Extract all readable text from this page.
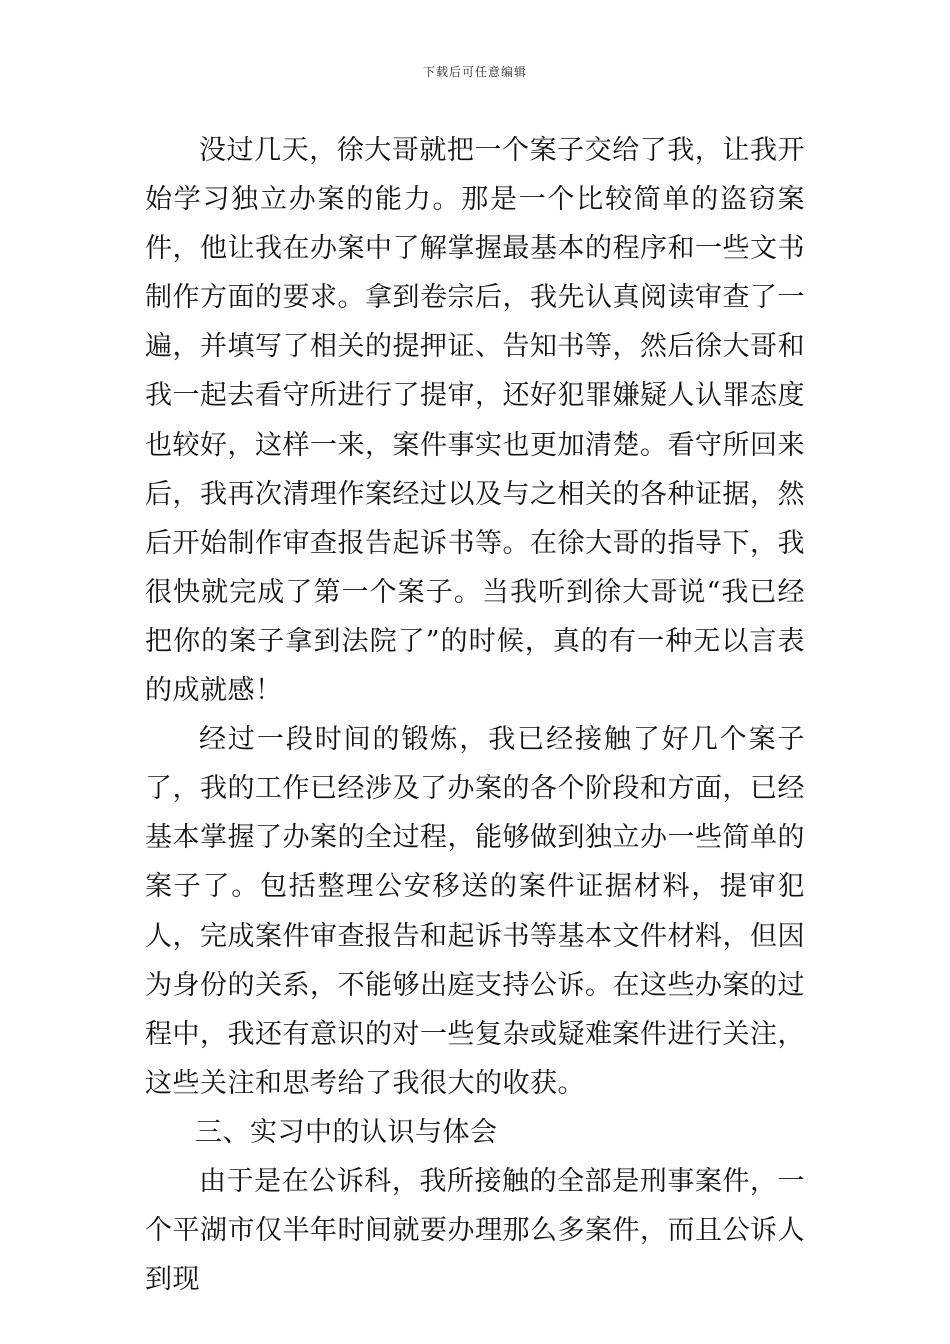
下载后可任意编辑

没过几天，徐大哥就把一个案子交给了我，让我开始学习独立办案的能力。那是一个比较简单的盗窃案件，他让我在办案中了解掌握最基本的程序和一些文书制作方面的要求。拿到卷宗后，我先认真阅读审查了一遍，并填写了相关的提押证、告知书等，然后徐大哥和我一起去看守所进行了提审，还好犯罪嫌疑人认罪态度也较好，这样一来，案件事实也更加清楚。看守所回来后，我再次清理作案经过以及与之相关的各种证据，然后开始制作审查报告起诉书等。在徐大哥的指导下，我很快就完成了第一个案子。当我听到徐大哥说“我已经把你的案子拿到法院了”的时候，真的有一种无以言表的成就感！

经过一段时间的锻炼，我已经接触了好几个案子了，我的工作已经涉及了办案的各个阶段和方面，已经基本掌握了办案的全过程，能够做到独立办一些简单的案子了。包括整理公安移送的案件证据材料，提审犯人，完成案件审查报告和起诉书等基本文件材料，但因为身份的关系，不能够出庭支持公诉。在这些办案的过程中，我还有意识的对一些复杂或疑难案件进行关注，这些关注和思考给了我很大的收获。

三、实习中的认识与体会

由于是在公诉科，我所接触的全部是刑事案件，一个平湖市仅半年时间就要办理那么多案件，而且公诉人到现
